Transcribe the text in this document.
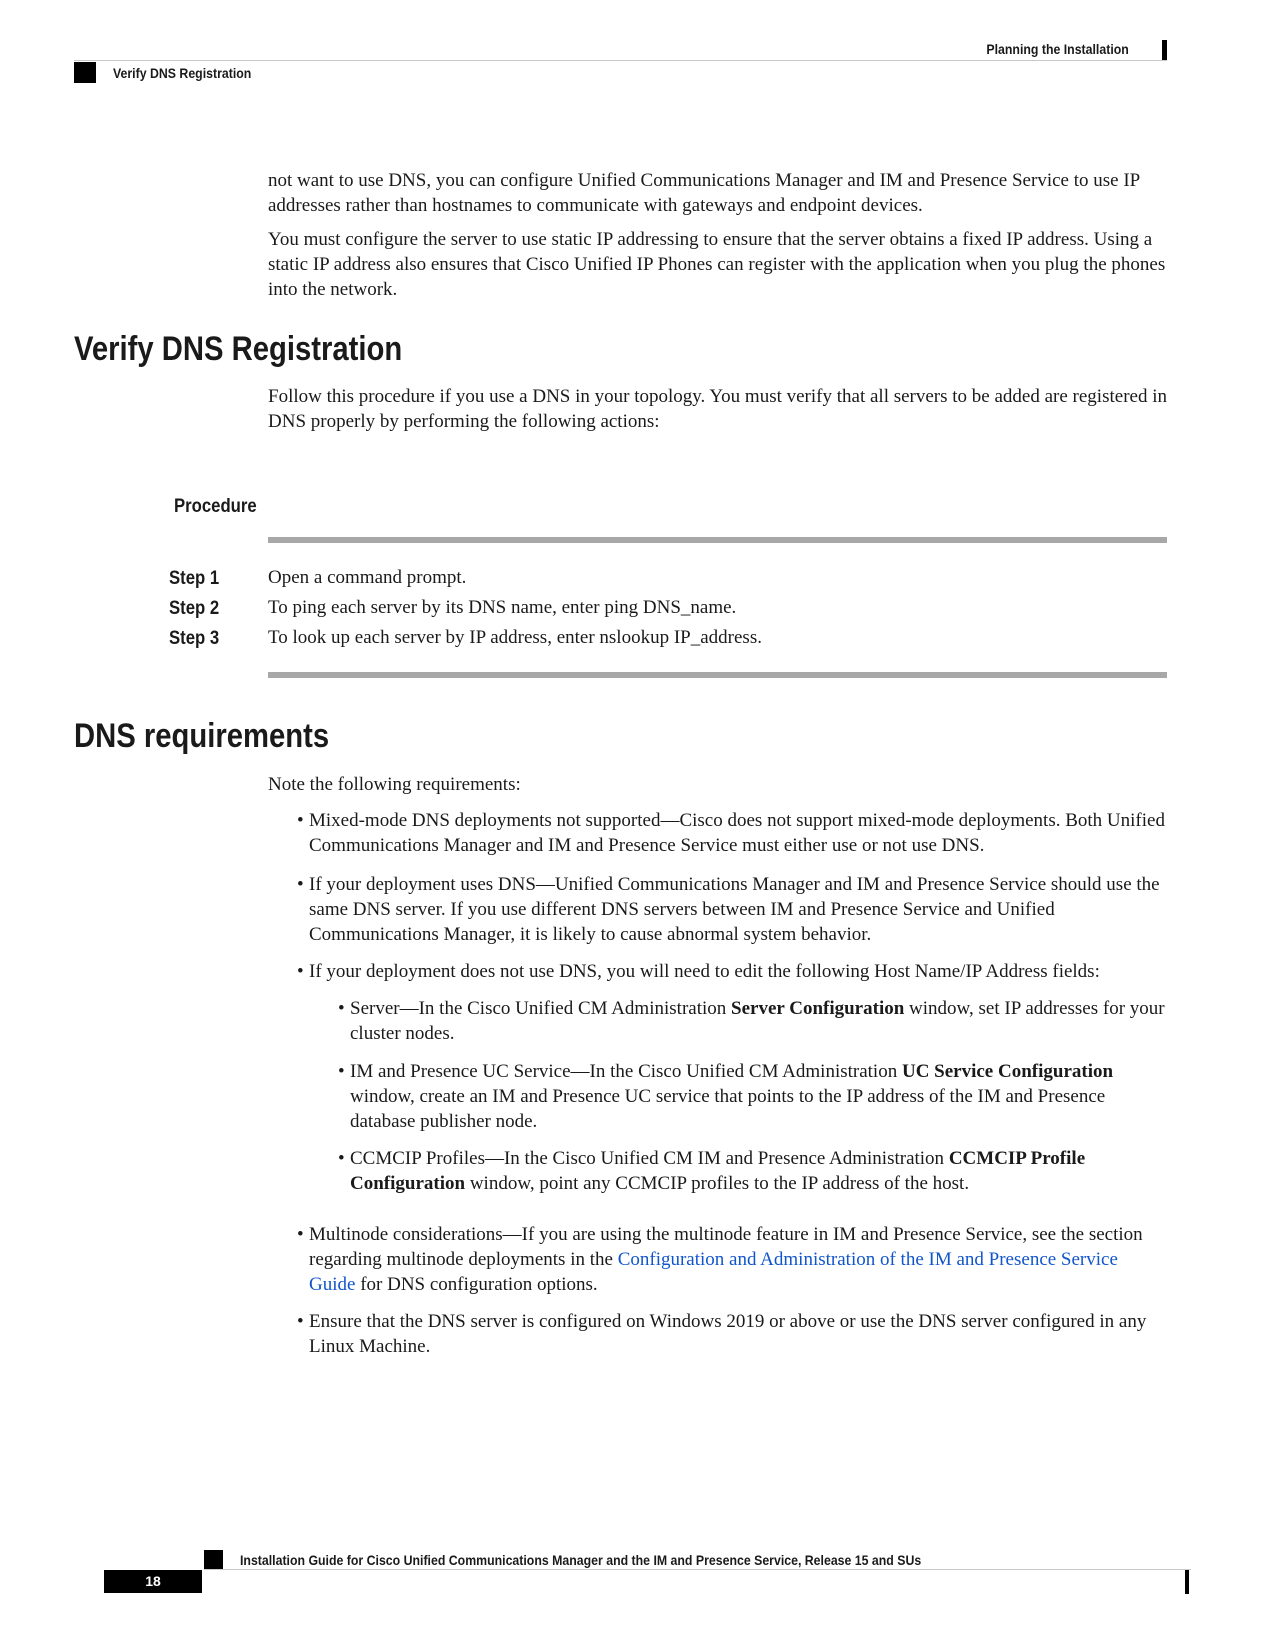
Planning the Installation
Verify DNS Registration
not want to use DNS, you can configure Unified Communications Manager and IM and Presence Service to use IP addresses rather than hostnames to communicate with gateways and endpoint devices.
You must configure the server to use static IP addressing to ensure that the server obtains a fixed IP address. Using a static IP address also ensures that Cisco Unified IP Phones can register with the application when you plug the phones into the network.
Verify DNS Registration
Follow this procedure if you use a DNS in your topology. You must verify that all servers to be added are registered in DNS properly by performing the following actions:
Procedure
Step 1	Open a command prompt.
Step 2	To ping each server by its DNS name, enter ping DNS_name.
Step 3	To look up each server by IP address, enter nslookup IP_address.
DNS requirements
Note the following requirements:
• Mixed-mode DNS deployments not supported—Cisco does not support mixed-mode deployments. Both Unified Communications Manager and IM and Presence Service must either use or not use DNS.
• If your deployment uses DNS—Unified Communications Manager and IM and Presence Service should use the same DNS server. If you use different DNS servers between IM and Presence Service and Unified Communications Manager, it is likely to cause abnormal system behavior.
• If your deployment does not use DNS, you will need to edit the following Host Name/IP Address fields:
• Server—In the Cisco Unified CM Administration Server Configuration window, set IP addresses for your cluster nodes.
• IM and Presence UC Service—In the Cisco Unified CM Administration UC Service Configuration window, create an IM and Presence UC service that points to the IP address of the IM and Presence database publisher node.
• CCMCIP Profiles—In the Cisco Unified CM IM and Presence Administration CCMCIP Profile Configuration window, point any CCMCIP profiles to the IP address of the host.
• Multinode considerations—If you are using the multinode feature in IM and Presence Service, see the section regarding multinode deployments in the Configuration and Administration of the IM and Presence Service Guide for DNS configuration options.
• Ensure that the DNS server is configured on Windows 2019 or above or use the DNS server configured in any Linux Machine.
Installation Guide for Cisco Unified Communications Manager and the IM and Presence Service, Release 15 and SUs
18
